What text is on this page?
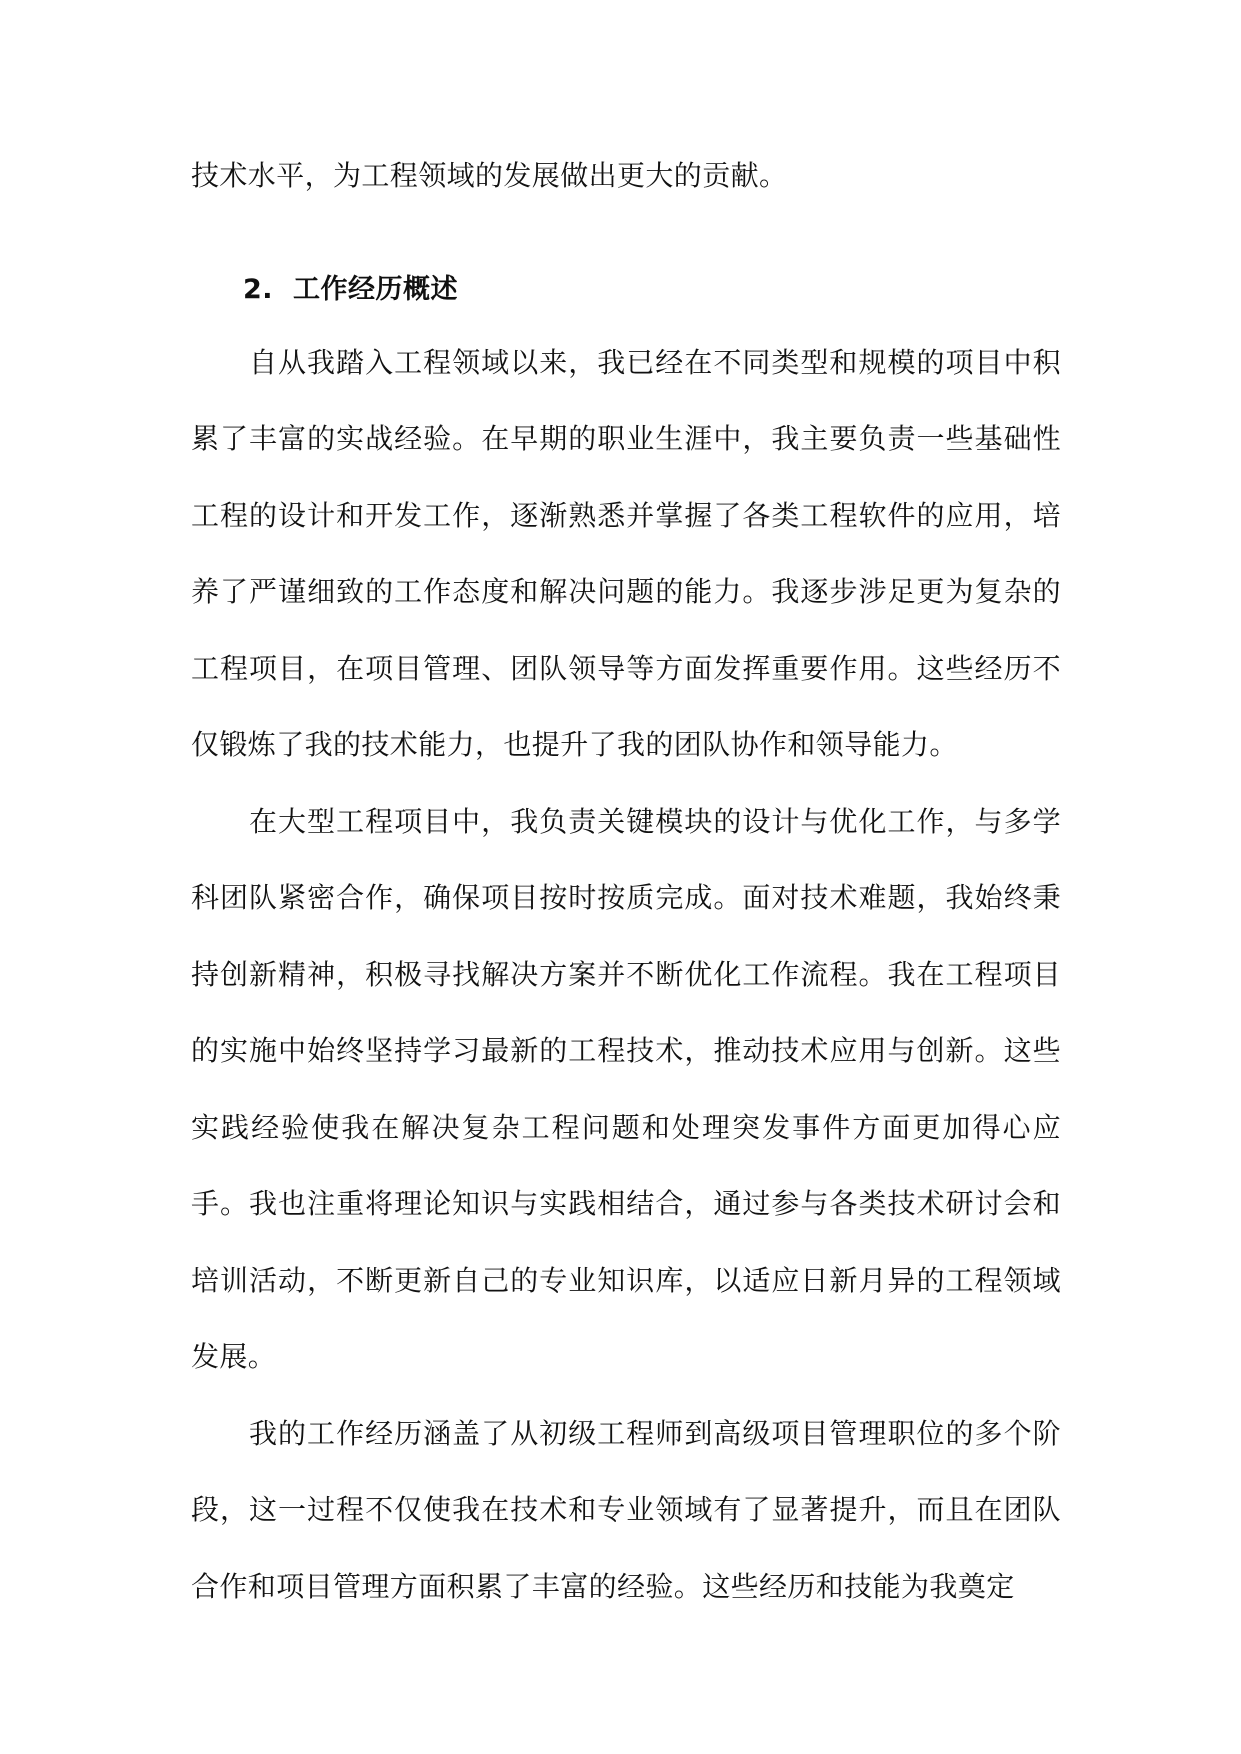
技术水平，为工程领域的发展做出更大的贡献。

2. 工作经历概述

自从我踏入工程领域以来，我已经在不同类型和规模的项目中积累了丰富的实战经验。在早期的职业生涯中，我主要负责一些基础性工程的设计和开发工作，逐渐熟悉并掌握了各类工程软件的应用，培养了严谨细致的工作态度和解决问题的能力。我逐步涉足更为复杂的工程项目，在项目管理、团队领导等方面发挥重要作用。这些经历不仅锻炼了我的技术能力，也提升了我的团队协作和领导能力。

在大型工程项目中，我负责关键模块的设计与优化工作，与多学科团队紧密合作，确保项目按时按质完成。面对技术难题，我始终秉持创新精神，积极寻找解决方案并不断优化工作流程。我在工程项目的实施中始终坚持学习最新的工程技术，推动技术应用与创新。这些实践经验使我在解决复杂工程问题和处理突发事件方面更加得心应手。我也注重将理论知识与实践相结合，通过参与各类技术研讨会和培训活动，不断更新自己的专业知识库，以适应日新月异的工程领域发展。

我的工作经历涵盖了从初级工程师到高级项目管理职位的多个阶段，这一过程不仅使我在技术和专业领域有了显著提升，而且在团队合作和项目管理方面积累了丰富的经验。这些经历和技能为我奠定
